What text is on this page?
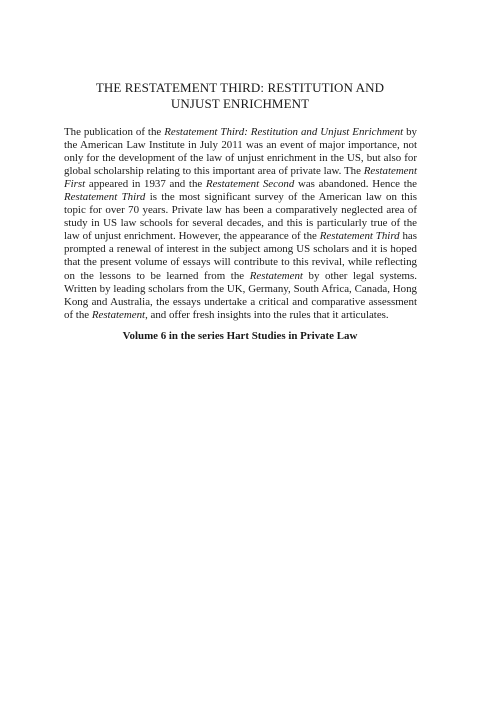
THE RESTATEMENT THIRD: RESTITUTION AND
UNJUST ENRICHMENT

The publication of the Restatement Third: Restitution and Unjust Enrichment by the American Law Institute in July 2011 was an event of major importance, not only for the development of the law of unjust enrichment in the US, but also for global scholarship relating to this important area of private law. The Restatement First appeared in 1937 and the Restatement Second was abandoned. Hence the Restatement Third is the most significant survey of the American law on this topic for over 70 years. Private law has been a comparatively neglected area of study in US law schools for several decades, and this is particularly true of the law of unjust enrichment. However, the appearance of the Restatement Third has prompted a renewal of interest in the subject among US scholars and it is hoped that the present volume of essays will contribute to this revival, while reflecting on the lessons to be learned from the Restatement by other legal systems. Written by leading scholars from the UK, Germany, South Africa, Canada, Hong Kong and Australia, the essays undertake a critical and comparative assessment of the Restatement, and offer fresh insights into the rules that it articulates.

Volume 6 in the series Hart Studies in Private Law
